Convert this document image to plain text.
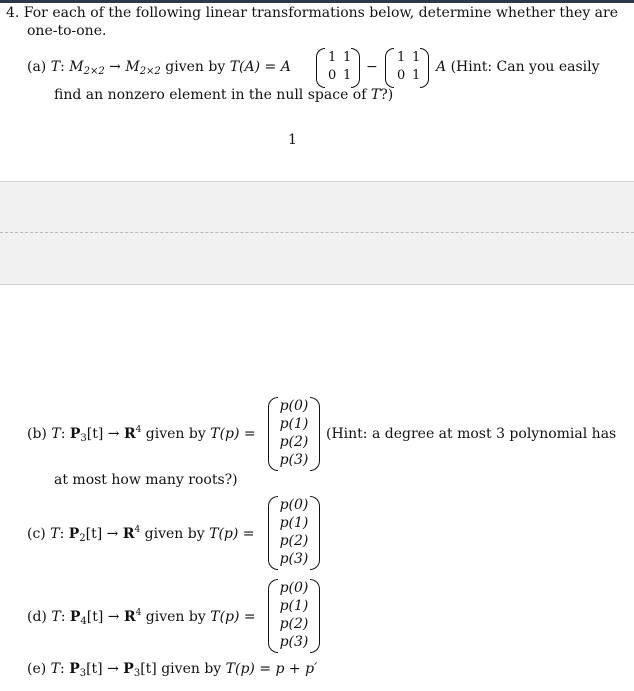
4. For each of the following linear transformations below, determine whether they are
one-to-one.
(a) T: $M_{2\times 2} \to M_{2\times 2}$ given by T(A) = A
1 1
0 1
−
1 1
0 1
A (Hint: Can you easily
find an nonzero element in the null space of T?)
1
(b) T: $P_3[t] \to R^4$ given by T(p) =
p(0)
p(1)
p(2)
p(3)
(Hint: a degree at most 3 polynomial has
at most how many roots?)
(c) T: $P_2[t] \to R^4$ given by T(p) =
p(0)
p(1)
p(2)
p(3)
(d) T: $P_4[t] \to R^4$ given by T(p) =
p(0)
p(1)
p(2)
p(3)
(e) T: $P_3[t] \to P_3[t]$ given by T(p) = p + p′
